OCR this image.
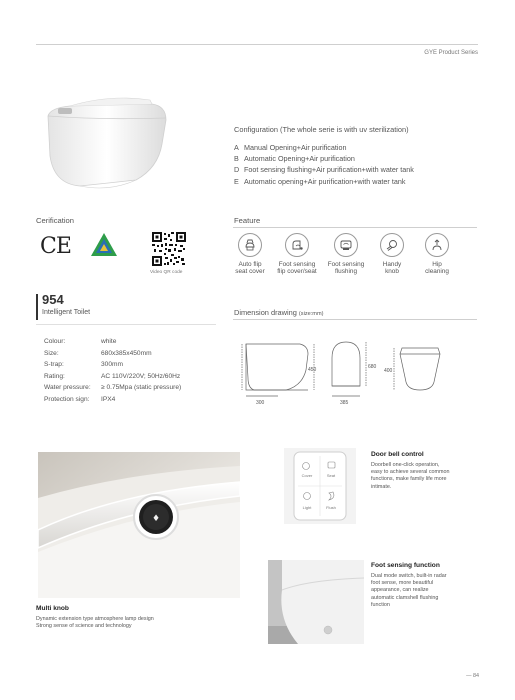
GYE Product Series
Configuration (The whole serie is with uv sterilization)
A Manual Opening+Air purification
B Automatic Opening+Air purification
D Foot sensing flushing+Air purification+with water tank
E Automatic opening+Air purification+with water tank
Cerification
CE
Video QR code
Feature
Auto flip
seat cover
Foot sensing
flip cover/seat
Foot sensing
flushing
Handy
knob
Hip
cleaning
954
Intelligent Toilet
Colour:	white
Size:	680x385x450mm
S-trap:	300mm
Rating:	AC 110V/220V; 50Hz/60Hz
Water pressure: ≥ 0.75Mpa (static pressure)
Protection sign: IPX4
Dimension drawing (size:mm)
450
300
680
385
400
♦
Multi knob
Dynamic extension type atmosphere lamp design
Strong sense of science and technology
Cover	Seat
Light	Flush
Door bell control
Doorbell one-click operation,
easy to achieve several common
functions, make family life more
intimate.
Foot sensing function
Dual mode switch, built-in radar
foot sense, more beautiful
appearance, can realize
automatic clamshell flushing
function
— 84
